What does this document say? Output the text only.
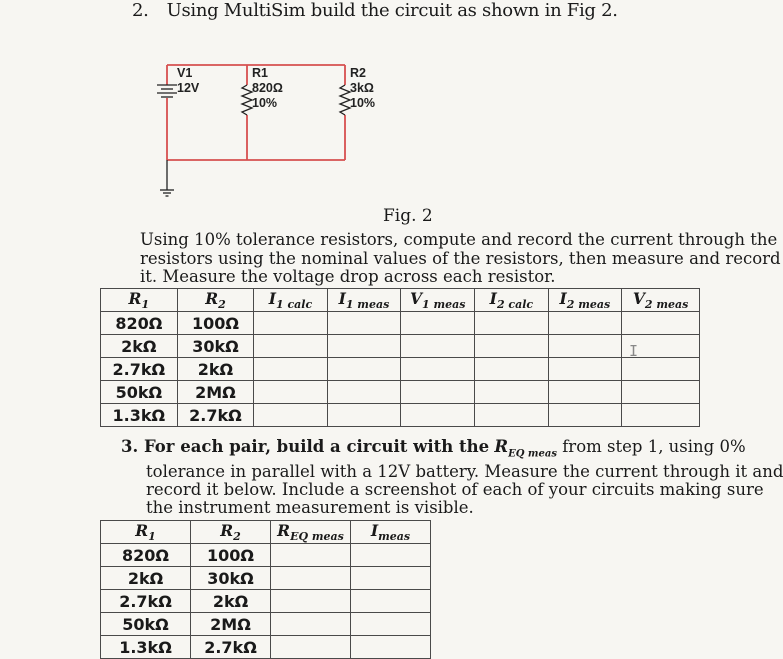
2. Using MultiSim build the circuit as shown in Fig 2.
V1
12V
R1
820Ω
10%
R2
3kΩ
10%
Fig. 2
Using 10% tolerance resistors, compute and record the current through the
resistors using the nominal values of the resistors, then measure and record
it. Measure the voltage drop across each resistor.
$R_1$	$R_2$	$I_{1 calc}$	$I_{1 meas}$	$V_{1 meas}$	$I_{2 calc}$	$I_{2 meas}$	$V_{2 meas}$
820Ω	100Ω						
2kΩ	30kΩ						
2.7kΩ	2kΩ						
50kΩ	2MΩ						
1.3kΩ	2.7kΩ						
I
3. For each pair, build a circuit with the $R_{EQ meas}$ from step 1, using 0%
tolerance in parallel with a 12V battery. Measure the current through it and
record it below. Include a screenshot of each of your circuits making sure
the instrument measurement is visible.
$R_1$	$R_2$	$R_{EQ meas}$	$I_{meas}$
820Ω	100Ω		
2kΩ	30kΩ		
2.7kΩ	2kΩ		
50kΩ	2MΩ		
1.3kΩ	2.7kΩ		
